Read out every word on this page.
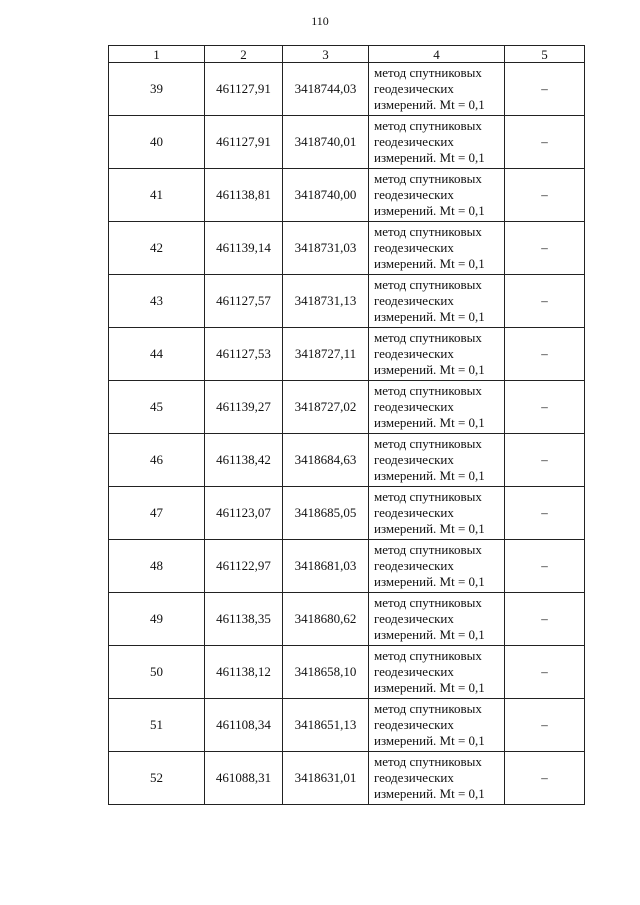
110
1	2	3	4	5
39	461127,91	3418744,03	метод спутниковых
геодезических
измерений. Mt = 0,1	–
40	461127,91	3418740,01	метод спутниковых
геодезических
измерений. Mt = 0,1	–
41	461138,81	3418740,00	метод спутниковых
геодезических
измерений. Mt = 0,1	–
42	461139,14	3418731,03	метод спутниковых
геодезических
измерений. Mt = 0,1	–
43	461127,57	3418731,13	метод спутниковых
геодезических
измерений. Mt = 0,1	–
44	461127,53	3418727,11	метод спутниковых
геодезических
измерений. Mt = 0,1	–
45	461139,27	3418727,02	метод спутниковых
геодезических
измерений. Mt = 0,1	–
46	461138,42	3418684,63	метод спутниковых
геодезических
измерений. Mt = 0,1	–
47	461123,07	3418685,05	метод спутниковых
геодезических
измерений. Mt = 0,1	–
48	461122,97	3418681,03	метод спутниковых
геодезических
измерений. Mt = 0,1	–
49	461138,35	3418680,62	метод спутниковых
геодезических
измерений. Mt = 0,1	–
50	461138,12	3418658,10	метод спутниковых
геодезических
измерений. Mt = 0,1	–
51	461108,34	3418651,13	метод спутниковых
геодезических
измерений. Mt = 0,1	–
52	461088,31	3418631,01	метод спутниковых
геодезических
измерений. Mt = 0,1	–
